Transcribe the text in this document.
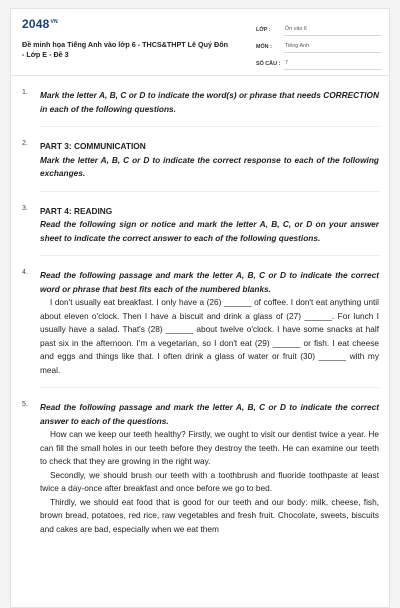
$2048^{VN}$
Đề minh họa Tiếng Anh vào lớp 6 - THCS&THPT Lê Quý Đôn - Lớp E - Đề 3
LỚP :	Ôn vào 6
MÔN :	Tiếng Anh
SỐ CÂU : 7
1. Mark the letter A, B, C or D to indicate the word(s) or phrase that needs CORRECTION in each of the following questions.
2. PART 3: COMMUNICATION
Mark the letter A, B, C or D to indicate the correct response to each of the following exchanges.
3. PART 4: READING
Read the following sign or notice and mark the letter A, B, C, or D on your answer sheet to indicate the correct answer to each of the following questions.
4. Read the following passage and mark the letter A, B, C or D to indicate the correct word or phrase that best fits each of the numbered blanks.

I don't usually eat breakfast. I only have a (26) ______ of coffee. I don't eat anything until about eleven o'clock. Then I have a biscuit and drink a glass of (27) ______. For lunch I usually have a salad. That's (28) ______ about twelve o'clock. I have some snacks at half past six in the afternoon. I'm a vegetarian, so I don't eat (29) ______ or fish. I eat cheese and eggs and things like that. I often drink a glass of water or fruit (30) ______ with my meal.

5. Read the following passage and mark the letter A, B, C or D to indicate the correct answer to each of the questions.

How can we keep our teeth healthy? Firstly, we ought to visit our dentist twice a year. He can fill the small holes in our teeth before they destroy the teeth. He can examine our teeth to check that they are growing in the right way.

Secondly, we should brush our teeth with a toothbrush and fluoride toothpaste at least twice a day-once after breakfast and once before we go to bed.

Thirdly, we should eat food that is good for our teeth and our body: milk, cheese, fish, brown bread, potatoes, red rice, raw vegetables and fresh fruit. Chocolate, sweets, biscuits and cakes are bad, especially when we eat them
